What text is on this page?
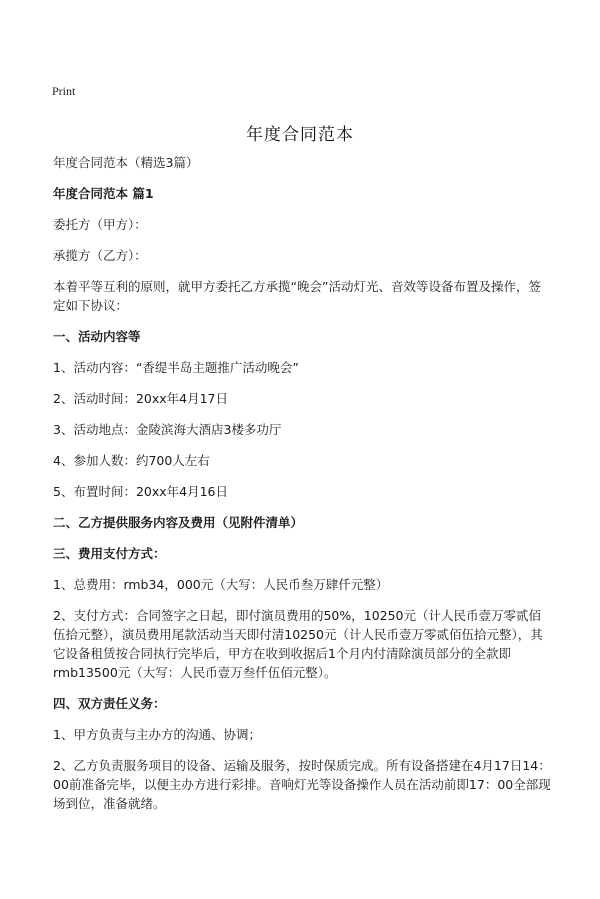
Print
年度合同范本

年度合同范本（精选3篇）

年度合同范本 篇1

委托方（甲方）：

承揽方（乙方）：

本着平等互利的原则，就甲方委托乙方承揽“晚会”活动灯光、音效等设备布置及操作，签定如下协议：

一、活动内容等

1、活动内容：“香缇半岛主题推广活动晚会”

2、活动时间：20xx年4月17日

3、活动地点：金陵滨海大酒店3楼多功厅

4、参加人数：约700人左右

5、布置时间：20xx年4月16日

二、乙方提供服务内容及费用（见附件清单）

三、费用支付方式：

1、总费用：rmb34，000元（大写：人民币叁万肆仟元整）

2、支付方式：合同签字之日起，即付演员费用的50%，10250元（计人民币壹万零贰佰伍拾元整），演员费用尾款活动当天即付清10250元（计人民币壹万零贰佰伍拾元整），其它设备租赁按合同执行完毕后，甲方在收到收据后1个月内付清除演员部分的全款即rmb13500元（大写：人民币壹万叁仟伍佰元整）。

四、双方责任义务：

1、甲方负责与主办方的沟通、协调；

2、乙方负责服务项目的设备、运输及服务，按时保质完成。所有设备搭建在4月17日14：00前准备完毕，以便主办方进行彩排。音响灯光等设备操作人员在活动前即17：00全部现场到位，准备就绪。
